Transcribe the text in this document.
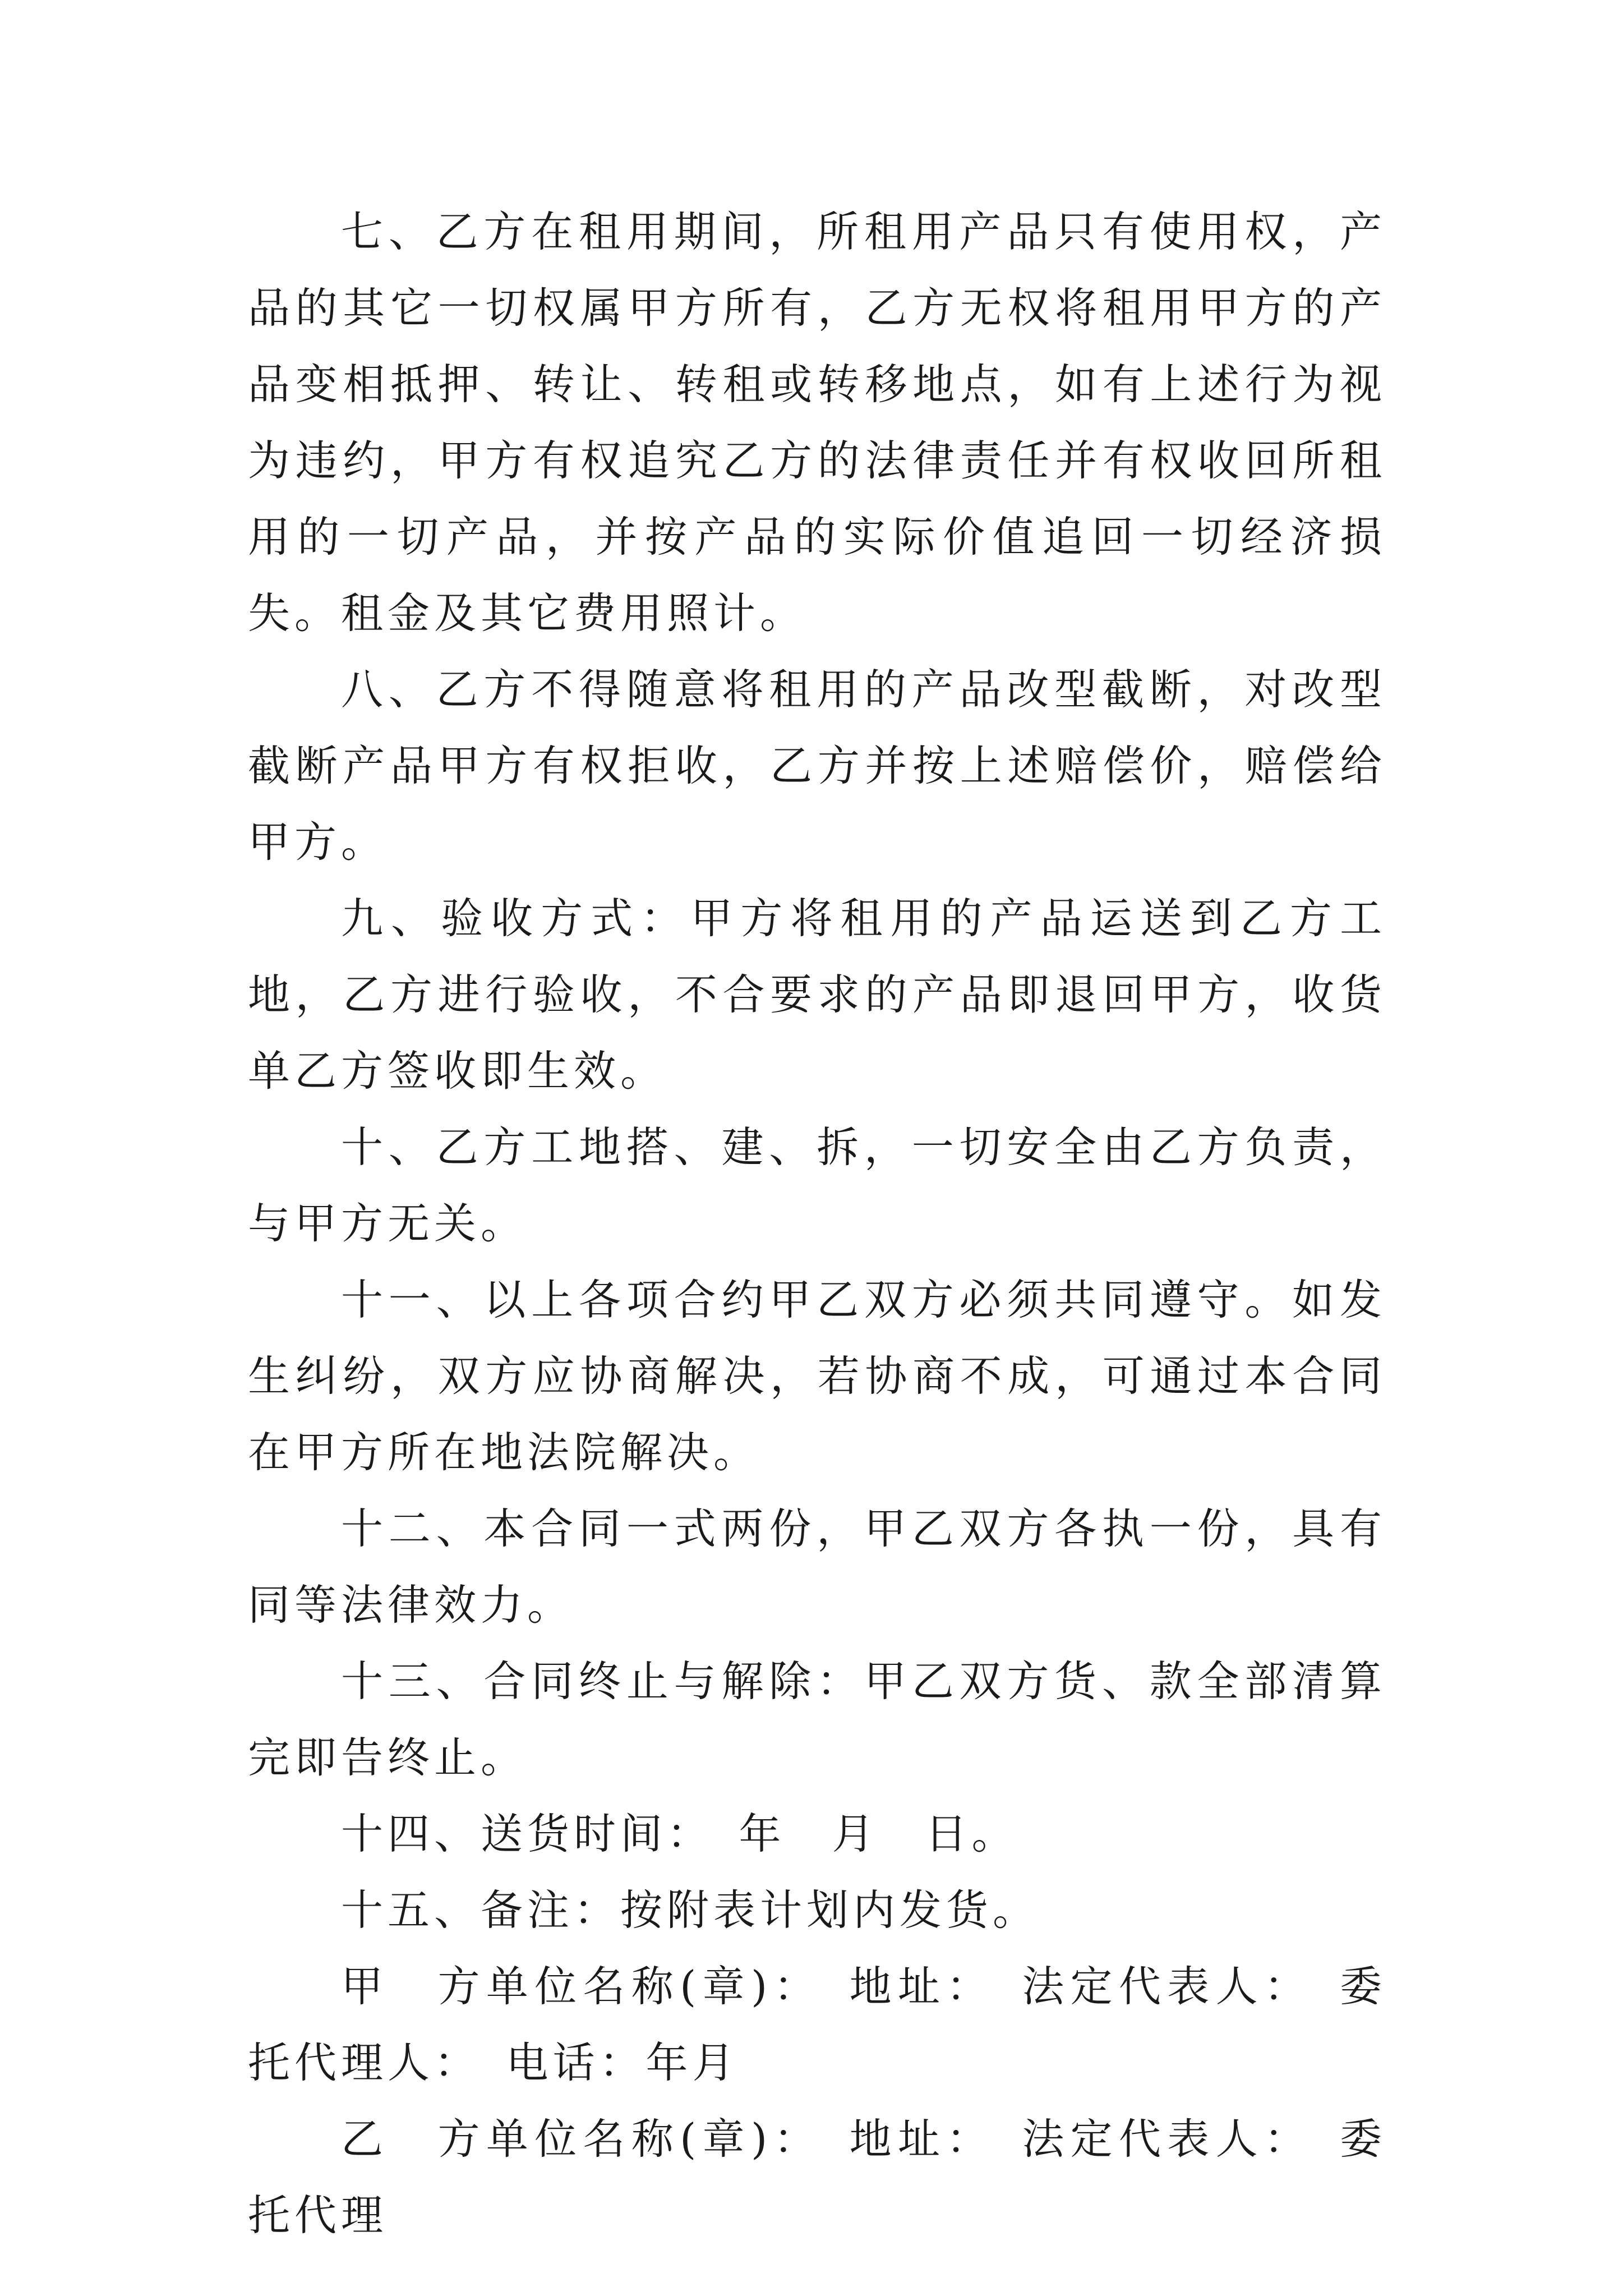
七、乙方在租用期间，所租用产品只有使用权，产品的其它一切权属甲方所有，乙方无权将租用甲方的产品变相抵押、转让、转租或转移地点，如有上述行为视为违约，甲方有权追究乙方的法律责任并有权收回所租用的一切产品，并按产品的实际价值追回一切经济损失。租金及其它费用照计。

八、乙方不得随意将租用的产品改型截断，对改型截断产品甲方有权拒收，乙方并按上述赔偿价，赔偿给甲方。

九、验收方式：甲方将租用的产品运送到乙方工地，乙方进行验收，不合要求的产品即退回甲方，收货单乙方签收即生效。

十、乙方工地搭、建、拆，一切安全由乙方负责，与甲方无关。

十一、以上各项合约甲乙双方必须共同遵守。如发生纠纷，双方应协商解决，若协商不成，可通过本合同在甲方所在地法院解决。

十二、本合同一式两份，甲乙双方各执一份，具有同等法律效力。

十三、合同终止与解除：甲乙双方货、款全部清算完即告终止。

十四、送货时间：　年　月　日。

十五、备注：按附表计划内发货。

甲　方单位名称(章)：　地址：　法定代表人：　委托代理人：　电话：年月

乙　方单位名称(章)：　地址：　法定代表人：　委托代理
